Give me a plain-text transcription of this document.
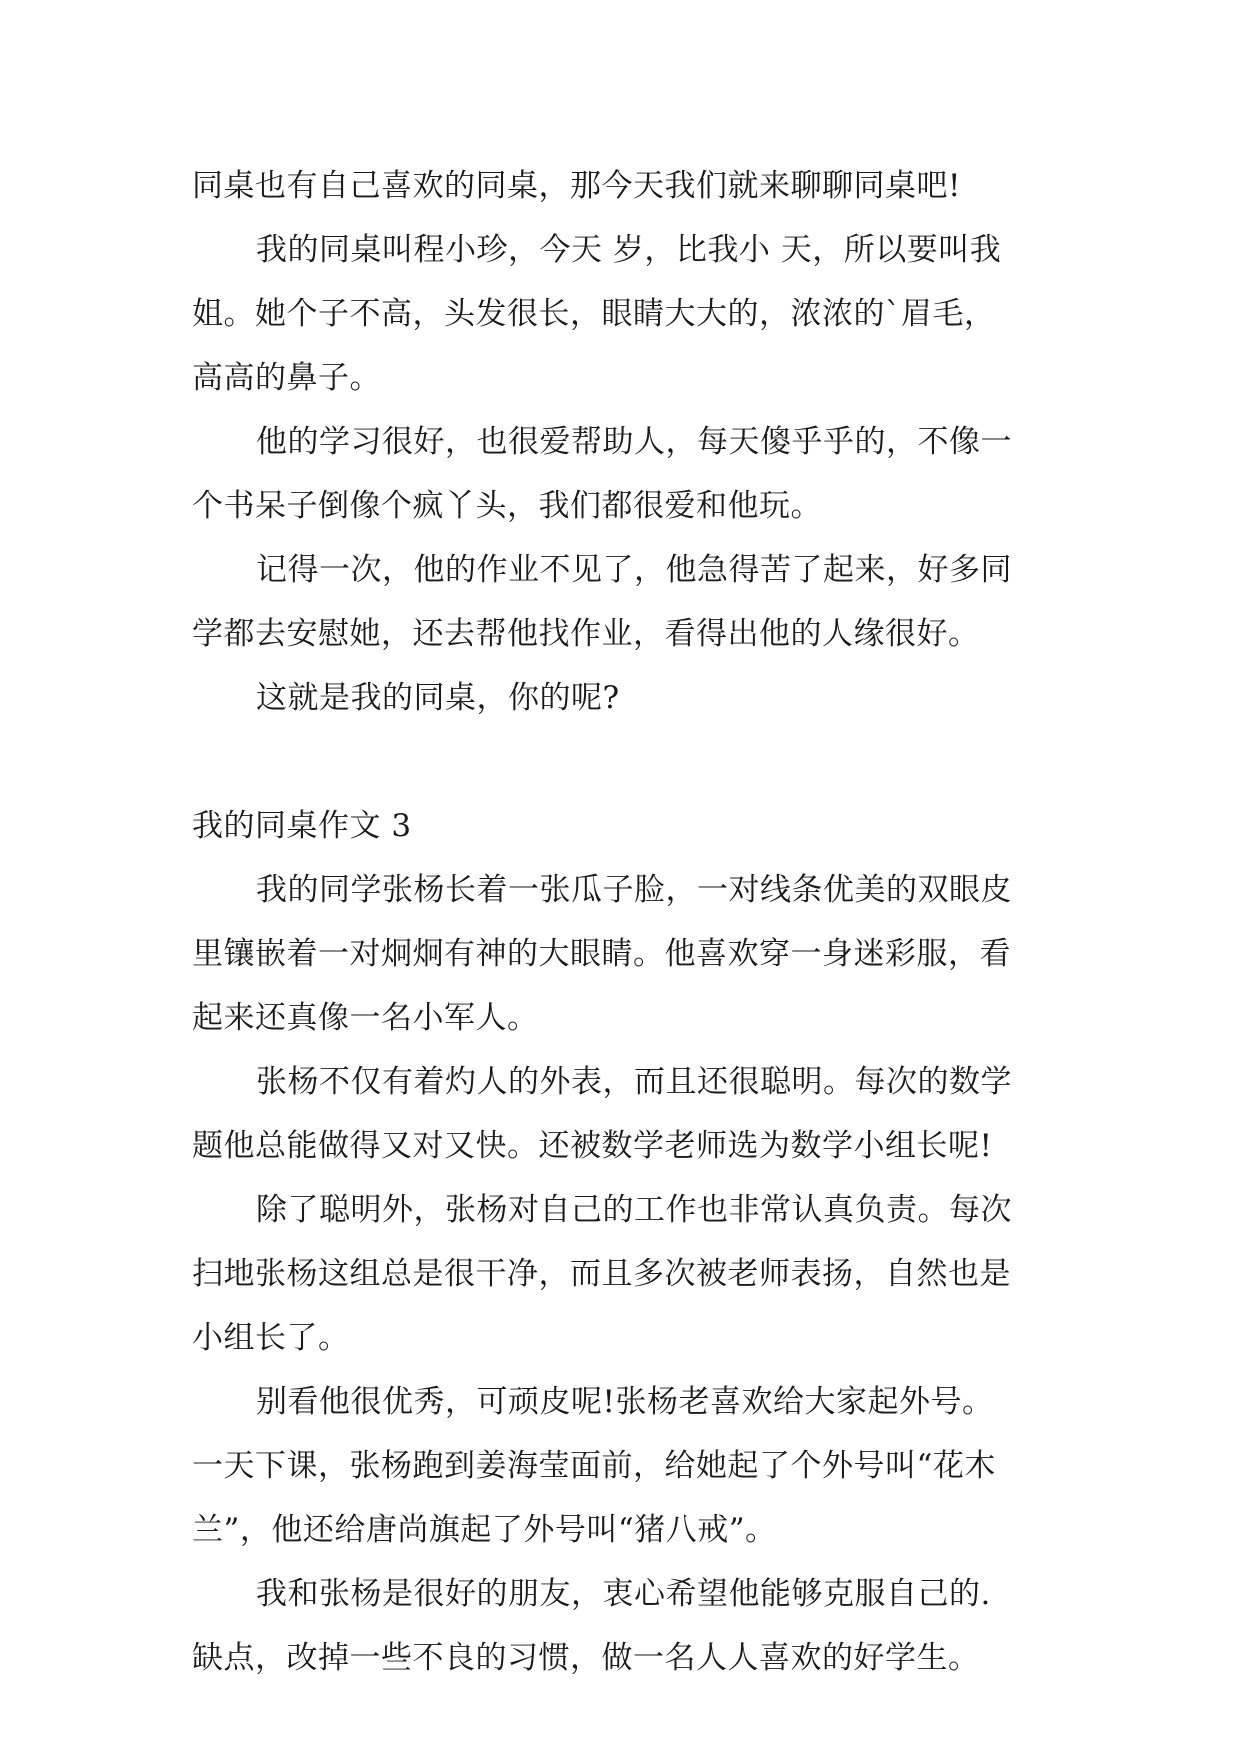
同桌也有自己喜欢的同桌，那今天我们就来聊聊同桌吧!
我的同桌叫程小珍，今天 岁，比我小 天，所以要叫我
姐。她个子不高，头发很长，眼睛大大的，浓浓的`眉毛，
高高的鼻子。
他的学习很好，也很爱帮助人，每天傻乎乎的，不像一
个书呆子倒像个疯丫头，我们都很爱和他玩。
记得一次，他的作业不见了，他急得苦了起来，好多同
学都去安慰她，还去帮他找作业，看得出他的人缘很好。
这就是我的同桌，你的呢?
我的同桌作文 3
我的同学张杨长着一张瓜子脸，一对线条优美的双眼皮
里镶嵌着一对炯炯有神的大眼睛。他喜欢穿一身迷彩服，看
起来还真像一名小军人。
张杨不仅有着灼人的外表，而且还很聪明。每次的数学
题他总能做得又对又快。还被数学老师选为数学小组长呢!
除了聪明外，张杨对自己的工作也非常认真负责。每次
扫地张杨这组总是很干净，而且多次被老师表扬，自然也是
小组长了。
别看他很优秀，可顽皮呢!张杨老喜欢给大家起外号。
一天下课，张杨跑到姜海莹面前，给她起了个外号叫“花木
兰”，他还给唐尚旗起了外号叫“猪八戒”。
我和张杨是很好的朋友，衷心希望他能够克服自己的.
缺点，改掉一些不良的习惯，做一名人人喜欢的好学生。
